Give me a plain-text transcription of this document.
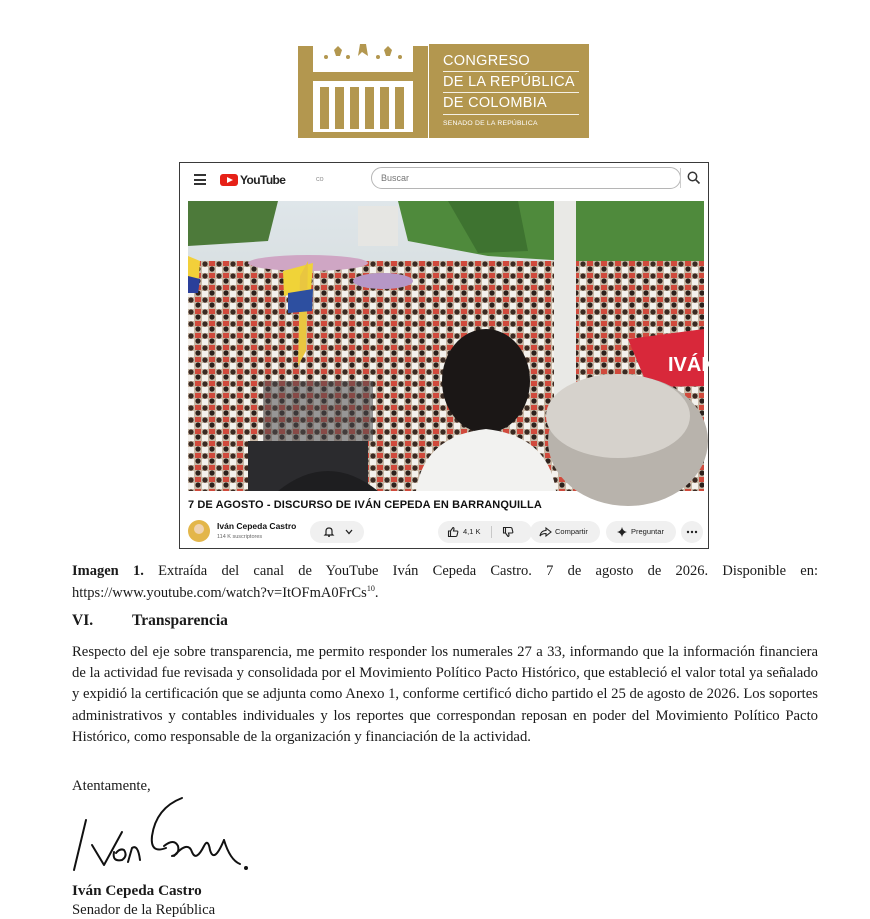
CONGRESO
DE LA REPÚBLICA
DE COLOMBIA
SENADO DE LA REPÚBLICA
YouTube	CO
Buscar
IVÁN
7 DE AGOSTO - DISCURSO DE IVÁN CEPEDA EN BARRANQUILLA
Iván Cepeda Castro
114 K suscriptores
4,1 K	Compartir	Preguntar
Imagen 1. Extraída del canal de YouTube Iván Cepeda Castro. 7 de agosto de 2026. Disponible en: https://www.youtube.com/watch?v=ItOFmA0FrCs$^{10}$.
VI.	Transparencia
Respecto del eje sobre transparencia, me permito responder los numerales 27 a 33, informando que la información financiera de la actividad fue revisada y consolidada por el Movimiento Político Pacto Histórico, que estableció el valor total ya señalado y expidió la certificación que se adjunta como Anexo 1, conforme certificó dicho partido el 25 de agosto de 2026. Los soportes administrativos y contables individuales y los reportes que correspondan reposan en poder del Movimiento Político Pacto Histórico, como responsable de la organización y financiación de la actividad.
Atentamente,
Iván Cepeda Castro
Senador de la República
